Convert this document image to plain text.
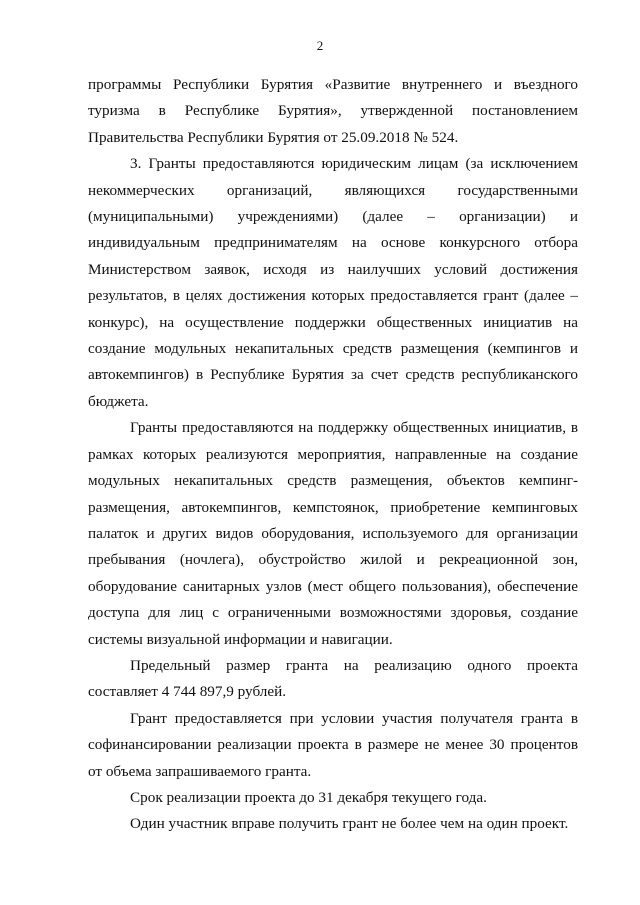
2

программы Республики Бурятия «Развитие внутреннего и въездного туризма в Республике Бурятия», утвержденной постановлением Правительства Республики Бурятия от 25.09.2018 № 524.

3. Гранты предоставляются юридическим лицам (за исключением некоммерческих организаций, являющихся государственными (муниципальными) учреждениями) (далее – организации) и индивидуальным предпринимателям на основе конкурсного отбора Министерством заявок, исходя из наилучших условий достижения результатов, в целях достижения которых предоставляется грант (далее – конкурс), на осуществление поддержки общественных инициатив на создание модульных некапитальных средств размещения (кемпингов и автокемпингов) в Республике Бурятия за счет средств республиканского бюджета.

Гранты предоставляются на поддержку общественных инициатив, в рамках которых реализуются мероприятия, направленные на создание модульных некапитальных средств размещения, объектов кемпинг-размещения, автокемпингов, кемпстоянок, приобретение кемпинговых палаток и других видов оборудования, используемого для организации пребывания (ночлега), обустройство жилой и рекреационной зон, оборудование санитарных узлов (мест общего пользования), обеспечение доступа для лиц с ограниченными возможностями здоровья, создание системы визуальной информации и навигации.

Предельный размер гранта на реализацию одного проекта составляет 4 744 897,9 рублей.

Грант предоставляется при условии участия получателя гранта в софинансировании реализации проекта в размере не менее 30 процентов от объема запрашиваемого гранта.

Срок реализации проекта до 31 декабря текущего года.

Один участник вправе получить грант не более чем на один проект.
